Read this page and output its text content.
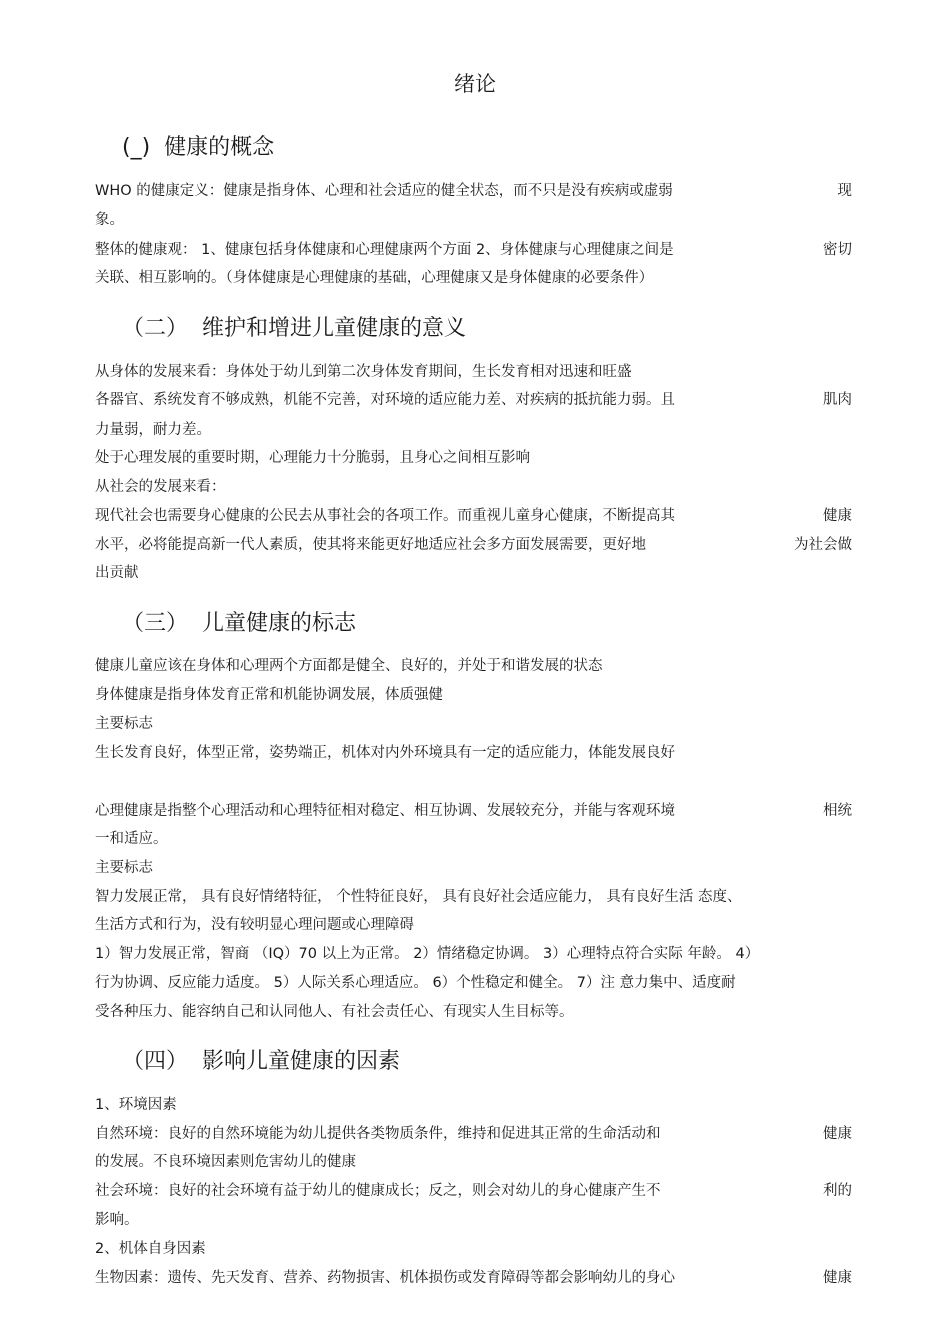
绪论
(_) 健康的概念
WHO 的健康定义：健康是指身体、心理和社会适应的健全状态，而不只是没有疾病或虚弱	现
象。
整体的健康观： 1、健康包括身体健康和心理健康两个方面 2、身体健康与心理健康之间是	密切
关联、相互影响的。（身体健康是心理健康的基础，心理健康又是身体健康的必要条件）
（二） 维护和增进儿童健康的意义
从身体的发展来看：身体处于幼儿到第二次身体发育期间，生长发育相对迅速和旺盛
各器官、系统发育不够成熟，机能不完善，对环境的适应能力差、对疾病的抵抗能力弱。且	肌肉
力量弱，耐力差。
处于心理发展的重要时期，心理能力十分脆弱，且身心之间相互影响
从社会的发展来看：
现代社会也需要身心健康的公民去从事社会的各项工作。而重视儿童身心健康，不断提高其	健康
水平，必将能提高新一代人素质，使其将来能更好地适应社会多方面发展需要，更好地	为社会做
出贡献
（三） 儿童健康的标志
健康儿童应该在身体和心理两个方面都是健全、良好的，并处于和谐发展的状态
身体健康是指身体发育正常和机能协调发展，体质强健
主要标志
生长发育良好，体型正常，姿势端正，机体对内外环境具有一定的适应能力，体能发展良好
心理健康是指整个心理活动和心理特征相对稳定、相互协调、发展较充分，并能与客观环境	相统
一和适应。
主要标志
智力发展正常， 具有良好情绪特征， 个性特征良好， 具有良好社会适应能力， 具有良好生活 态度、
生活方式和行为，没有较明显心理问题或心理障碍
1）智力发展正常，智商 （IQ）70 以上为正常。 2）情绪稳定协调。 3）心理特点符合实际 年龄。 4）
行为协调、反应能力适度。 5）人际关系心理适应。 6）个性稳定和健全。 7）注 意力集中、适度耐
受各种压力、能容纳自己和认同他人、有社会责任心、有现实人生目标等。
（四） 影响儿童健康的因素
1、环境因素
自然环境：良好的自然环境能为幼儿提供各类物质条件，维持和促进其正常的生命活动和	健康
的发展。不良环境因素则危害幼儿的健康
社会环境：良好的社会环境有益于幼儿的健康成长；反之，则会对幼儿的身心健康产生不	利的
影响。
2、机体自身因素
生物因素：遗传、先天发育、营养、药物损害、机体损伤或发育障碍等都会影响幼儿的身心	健康
